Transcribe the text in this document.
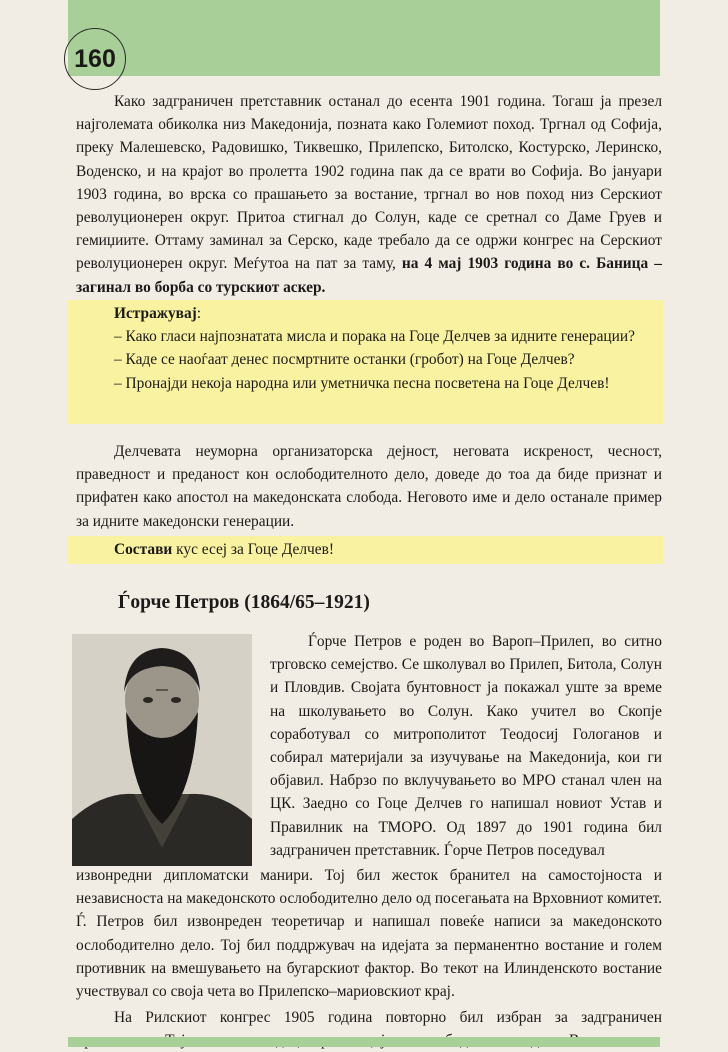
160

Како задграничен претставник останал до есента 1901 година. Тогаш ја презел најголемата обиколка низ Македонија, позната како Големиот поход. Тргнал од Софија, преку Малешевско, Радовишко, Тиквешко, Прилепско, Битолско, Костурско, Леринско, Воденско, и на крајот во пролетта 1902 година пак да се врати во Софија. Во јануари 1903 година, во врска со прашањето за востание, тргнал во нов поход низ Серскиот револуционерен округ. Притоа стигнал до Солун, каде се сретнал со Даме Груев и гемиџиите. Оттаму заминал за Серско, каде требало да се одржи конгрес на Серскиот револуционерен округ. Меѓутоа на пат за таму, на 4 мај 1903 година во с. Баница – загинал во борба со турскиот аскер.

Истражувај:

– Како гласи најпознатата мисла и порака на Гоце Делчев за идните генерации?

– Каде се наоѓаат денес посмртните останки (гробот) на Гоце Делчев?

– Пронајди некоја народна или уметничка песна посветена на Гоце Делчев!

Делчевата неуморна организаторска дејност, неговата искреност, чесност, праведност и преданост кон ослободителното дело, доведе до тоа да биде признат и прифатен како апостол на македонската слобода. Неговото име и дело останале пример за идните македонски генерации.

Состави кус есеј за Гоце Делчев!

Ѓорче Петров (1864/65–1921)

Ѓорче Петров е роден во Вароп–Прилеп, во ситно трговско семејство. Се школувал во Прилеп, Битола, Солун и Пловдив. Својата бунтовност ја покажал уште за време на школувањето во Солун. Како учител во Скопје соработувал со митрополитот Теодосиј Гологанов и собирал материјали за изучување на Македонија, кои ги објавил. Набрзо по вклучувањето во МРО станал член на ЦК. Заедно со Гоце Делчев го напишал новиот Устав и Правилник на ТМОРО. Од 1897 до 1901 година бил задграничен претставник. Ѓорче Петров поседувал

извонредни дипломатски манири. Тој бил жесток бранител на самостојноста и независноста на македонското ослободително дело од посегањата на Врховниот комитет. Ѓ. Петров бил извонреден теоретичар и напишал повеќе написи за македонското ослободително дело. Тој бил поддржувач на идејата за перманентно востание и голем противник на вмешувањето на бугарскиот фактор. Во текот на Илинденското востание учествувал со своја чета во Прилепско–мариовскиот крај.

На Рилскиот конгрес 1905 година повторно бил избран за задграничен
